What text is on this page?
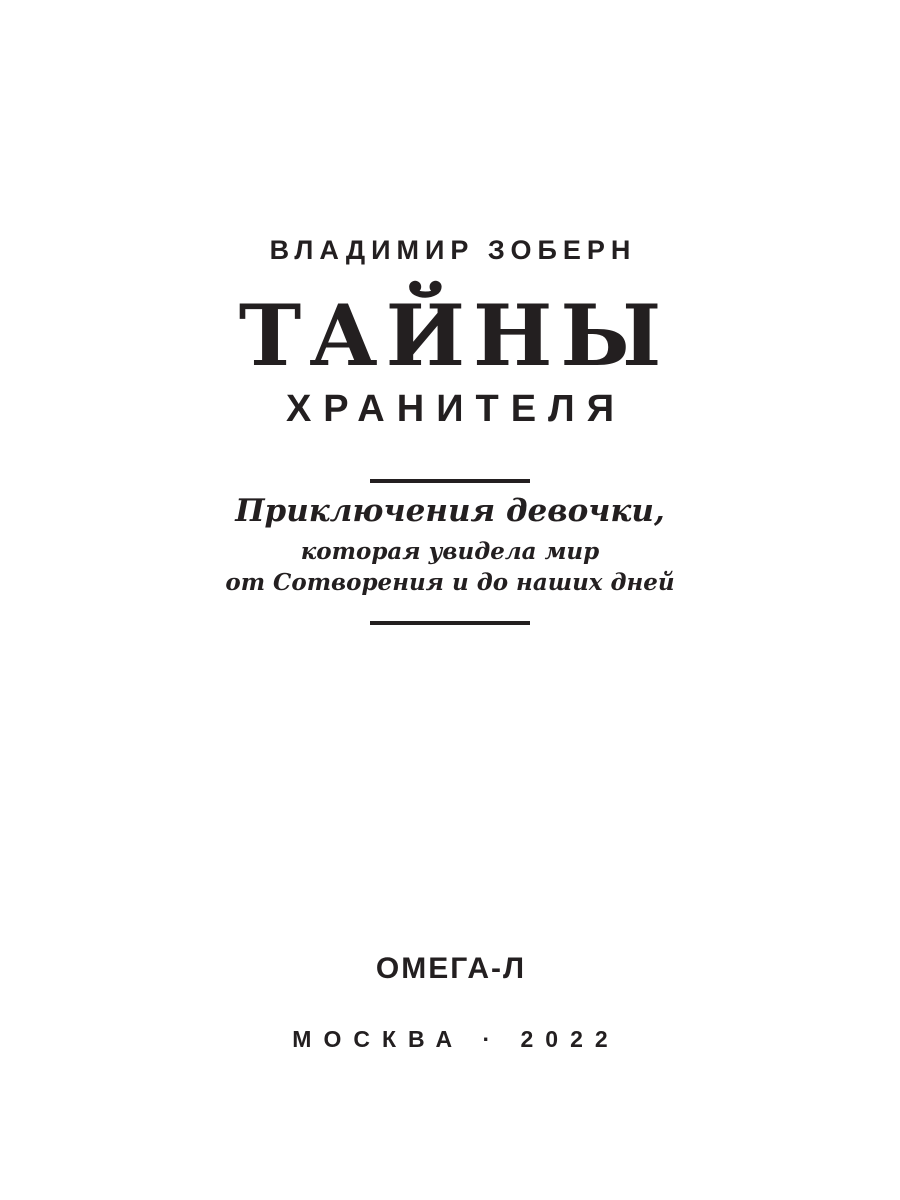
ВЛАДИМИР ЗОБЕРН
ТАЙНЫ
ХРАНИТЕЛЯ
Приключения девочки,
которая увидела мир
от Сотворения и до наших дней
ОМЕГА-Л
МОСКВА · 2022
